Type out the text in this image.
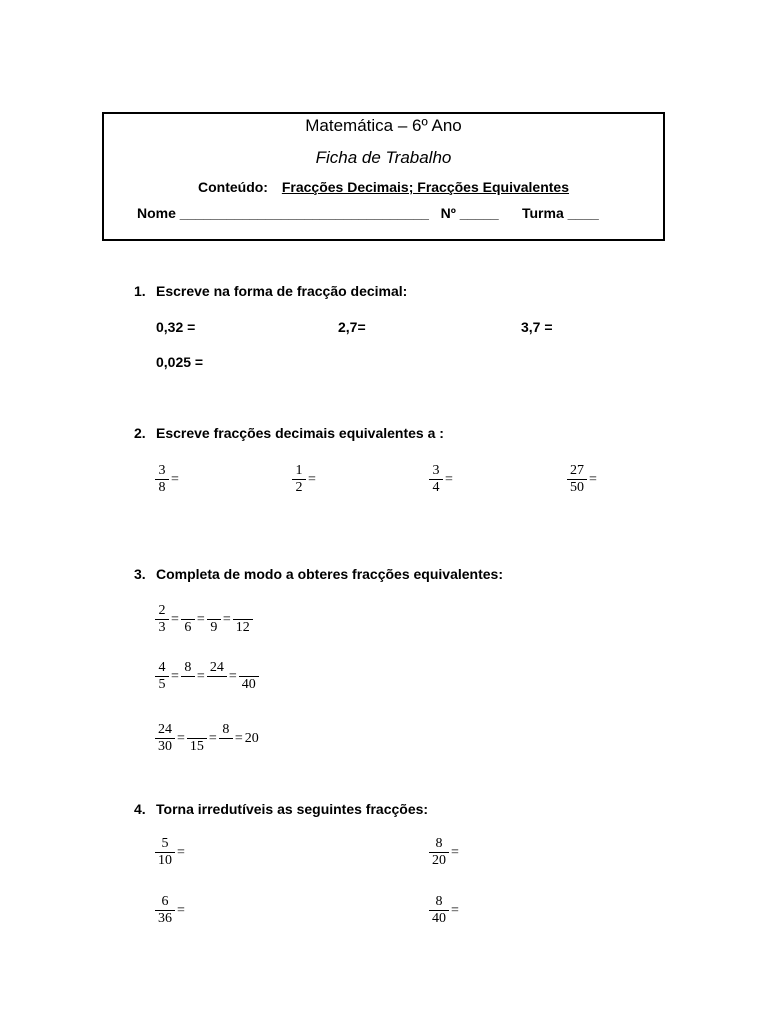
Matemática – 6º Ano
Ficha de Trabalho
Conteúdo: Fracções Decimais; Fracções Equivalentes
Nome ________________________________   Nº _____      Turma ____
1. Escreve na forma de fracção decimal:
0,32 =	2,7=	3,7 =
0,025 =
2. Escreve fracções decimais equivalentes a :
$\frac{3}{8}$ =	$\frac{1}{2}$ =	$\frac{3}{4}$ =	$\frac{27}{50}$ =
3. Completa de modo a obteres fracções equivalentes:
$\frac{2}{3}$ =
6
=
9
=
12
$\frac{4}{5}$ =
8
=
24
=
40
$\frac{24}{30}$ =
15
=
8
= 20
4. Torna irredutíveis as seguintes fracções:
$\frac{5}{10}$ =	$\frac{8}{20}$ =
$\frac{6}{36}$ =	$\frac{8}{40}$ =
